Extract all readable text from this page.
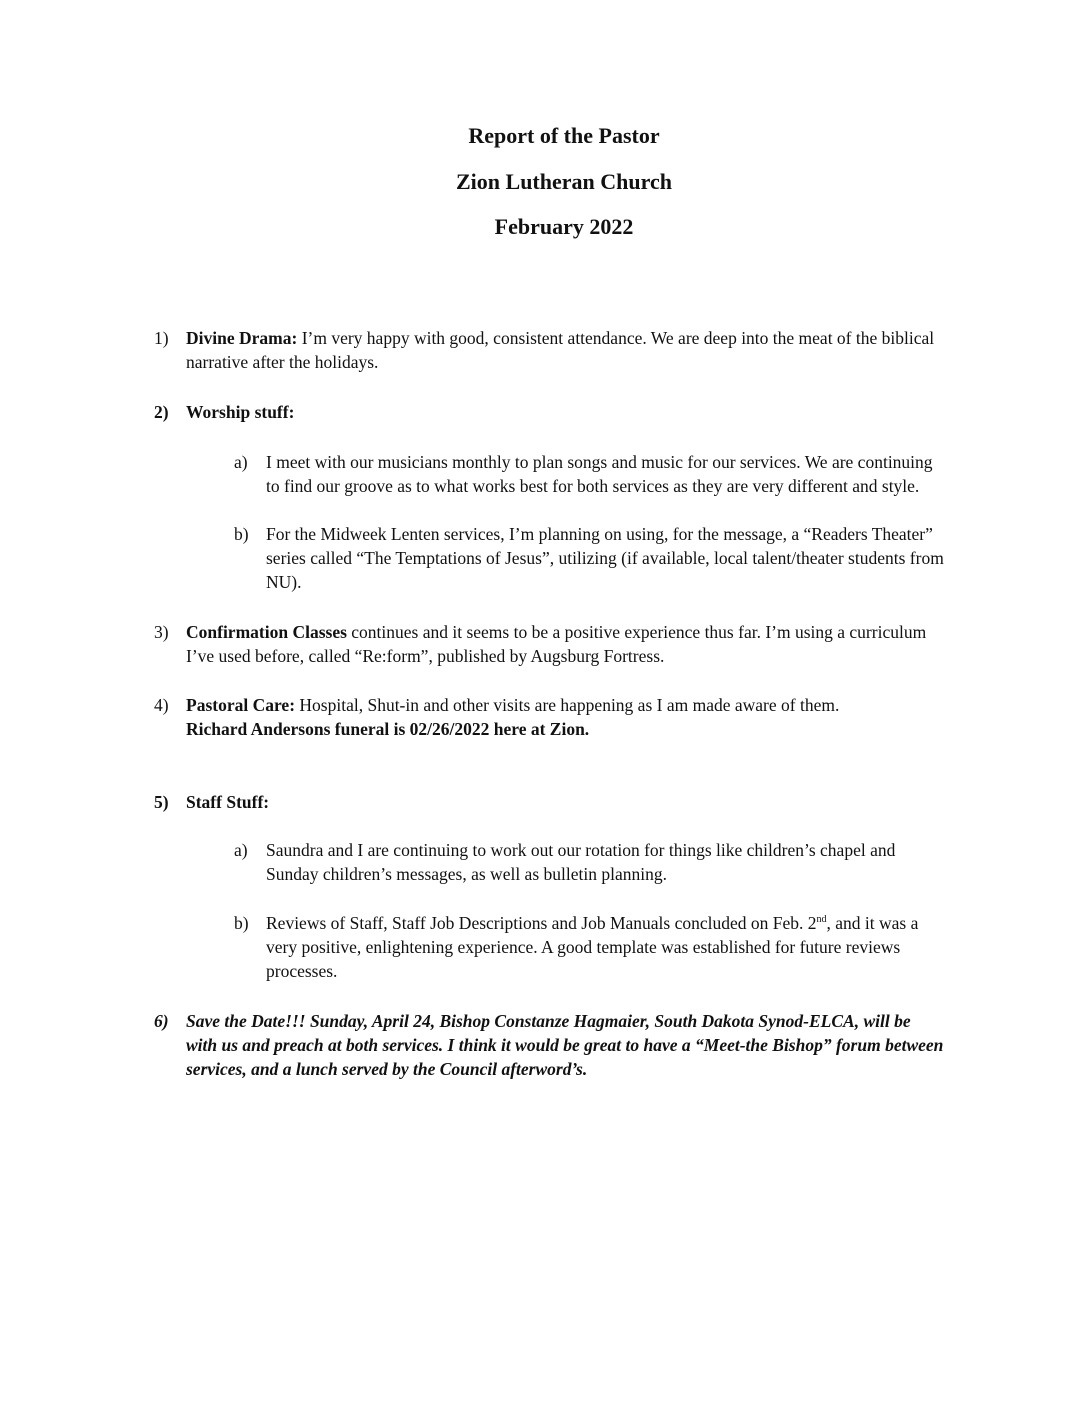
Report of the Pastor
Zion Lutheran Church
February 2022
1) Divine Drama: I’m very happy with good, consistent attendance. We are deep into the meat of the biblical narrative after the holidays.
2) Worship stuff:
a) I meet with our musicians monthly to plan songs and music for our services. We are continuing to find our groove as to what works best for both services as they are very different and style.
b) For the Midweek Lenten services, I’m planning on using, for the message, a “Readers Theater” series called “The Temptations of Jesus”, utilizing (if available, local talent/theater students from NU).
3) Confirmation Classes continues and it seems to be a positive experience thus far. I’m using a curriculum I’ve used before, called “Re:form”, published by Augsburg Fortress.
4) Pastoral Care: Hospital, Shut-in and other visits are happening as I am made aware of them.
Richard Andersons funeral is 02/26/2022 here at Zion.
5) Staff Stuff:
a) Saundra and I are continuing to work out our rotation for things like children’s chapel and Sunday children’s messages, as well as bulletin planning.
b) Reviews of Staff, Staff Job Descriptions and Job Manuals concluded on Feb. 2nd, and it was a very positive, enlightening experience. A good template was established for future reviews processes.
6) Save the Date!!! Sunday, April 24, Bishop Constanze Hagmaier, South Dakota Synod-ELCA, will be with us and preach at both services. I think it would be great to have a “Meet-the Bishop” forum between services, and a lunch served by the Council afterword’s.
